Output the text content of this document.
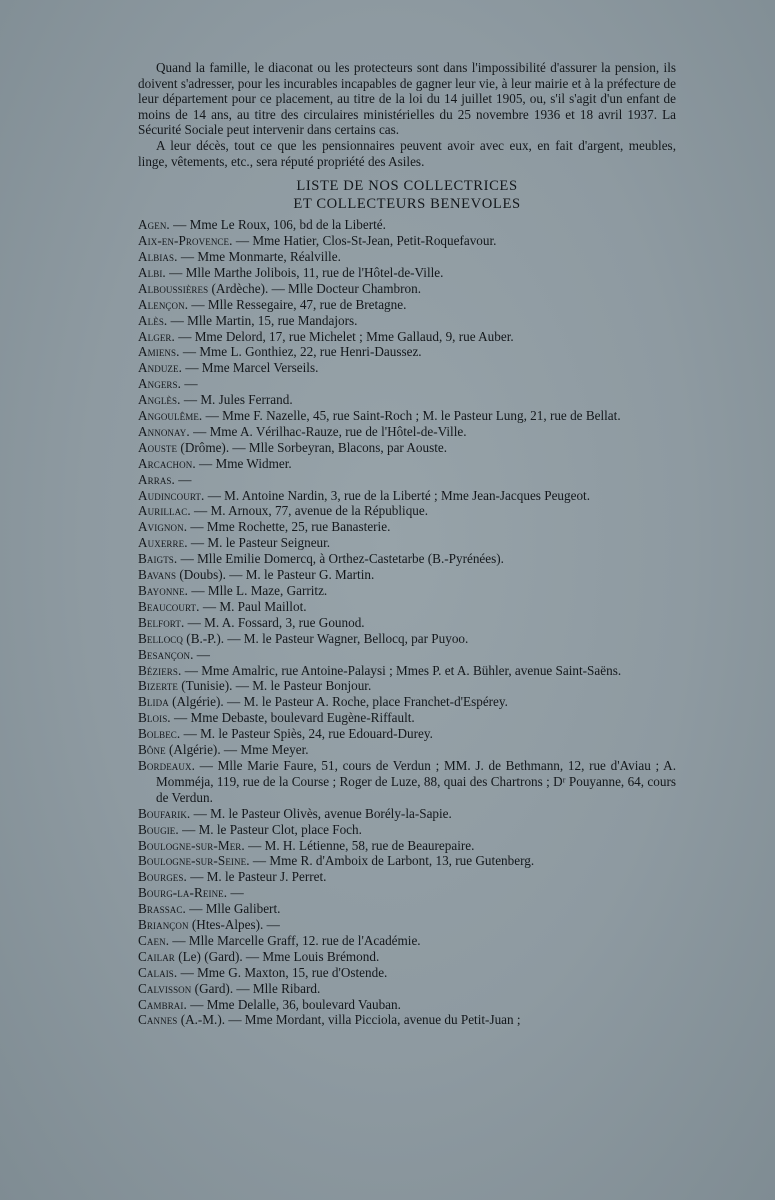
Quand la famille, le diaconat ou les protecteurs sont dans l'impossibilité d'assurer la pension, ils doivent s'adresser, pour les incurables incapables de gagner leur vie, à leur mairie et à la préfecture de leur département pour ce placement, au titre de la loi du 14 juillet 1905, ou, s'il s'agit d'un enfant de moins de 14 ans, au titre des circulaires ministérielles du 25 novembre 1936 et 18 avril 1937. La Sécurité Sociale peut intervenir dans certains cas.

A leur décès, tout ce que les pensionnaires peuvent avoir avec eux, en fait d'argent, meubles, linge, vêtements, etc., sera réputé propriété des Asiles.

LISTE DE NOS COLLECTRICES
ET COLLECTEURS BENEVOLES
Agen. — Mme Le Roux, 106, bd de la Liberté.
Aix-en-Provence. — Mme Hatier, Clos-St-Jean, Petit-Roquefavour.
Albias. — Mme Monmarte, Réalville.
Albi. — Mlle Marthe Jolibois, 11, rue de l'Hôtel-de-Ville.
Alboussières (Ardèche). — Mlle Docteur Chambron.
Alençon. — Mlle Ressegaire, 47, rue de Bretagne.
Alès. — Mlle Martin, 15, rue Mandajors.
Alger. — Mme Delord, 17, rue Michelet ; Mme Gallaud, 9, rue Auber.
Amiens. — Mme L. Gonthiez, 22, rue Henri-Daussez.
Anduze. — Mme Marcel Verseils.
Angers. —
Anglès. — M. Jules Ferrand.
Angoulême. — Mme F. Nazelle, 45, rue Saint-Roch ; M. le Pasteur Lung, 21, rue de Bellat.
Annonay. — Mme A. Vérilhac-Rauze, rue de l'Hôtel-de-Ville.
Aouste (Drôme). — Mlle Sorbeyran, Blacons, par Aouste.
Arcachon. — Mme Widmer.
Arras. —
Audincourt. — M. Antoine Nardin, 3, rue de la Liberté ; Mme Jean-Jacques Peugeot.
Aurillac. — M. Arnoux, 77, avenue de la République.
Avignon. — Mme Rochette, 25, rue Banasterie.
Auxerre. — M. le Pasteur Seigneur.
Baigts. — Mlle Emilie Domercq, à Orthez-Castetarbe (B.-Pyrénées).
Bavans (Doubs). — M. le Pasteur G. Martin.
Bayonne. — Mlle L. Maze, Garritz.
Beaucourt. — M. Paul Maillot.
Belfort. — M. A. Fossard, 3, rue Gounod.
Bellocq (B.-P.). — M. le Pasteur Wagner, Bellocq, par Puyoo.
Besançon. —
Béziers. — Mme Amalric, rue Antoine-Palaysi ; Mmes P. et A. Bühler, avenue Saint-Saëns.
Bizerte (Tunisie). — M. le Pasteur Bonjour.
Blida (Algérie). — M. le Pasteur A. Roche, place Franchet-d'Espérey.
Blois. — Mme Debaste, boulevard Eugène-Riffault.
Bolbec. — M. le Pasteur Spiès, 24, rue Edouard-Durey.
Bône (Algérie). — Mme Meyer.
Bordeaux. — Mlle Marie Faure, 51, cours de Verdun ; MM. J. de Bethmann, 12, rue d'Aviau ; A. Momméja, 119, rue de la Course ; Roger de Luze, 88, quai des Chartrons ; Dʳ Pouyanne, 64, cours de Verdun.
Boufarik. — M. le Pasteur Olivès, avenue Borély-la-Sapie.
Bougie. — M. le Pasteur Clot, place Foch.
Boulogne-sur-Mer. — M. H. Létienne, 58, rue de Beaurepaire.
Boulogne-sur-Seine. — Mme R. d'Amboix de Larbont, 13, rue Gutenberg.
Bourges. — M. le Pasteur J. Perret.
Bourg-la-Reine. —
Brassac. — Mlle Galibert.
Briançon (Htes-Alpes). —
Caen. — Mlle Marcelle Graff, 12. rue de l'Académie.
Cailar (Le) (Gard). — Mme Louis Brémond.
Calais. — Mme G. Maxton, 15, rue d'Ostende.
Calvisson (Gard). — Mlle Ribard.
Cambrai. — Mme Delalle, 36, boulevard Vauban.
Cannes (A.-M.). — Mme Mordant, villa Picciola, avenue du Petit-Juan ;
